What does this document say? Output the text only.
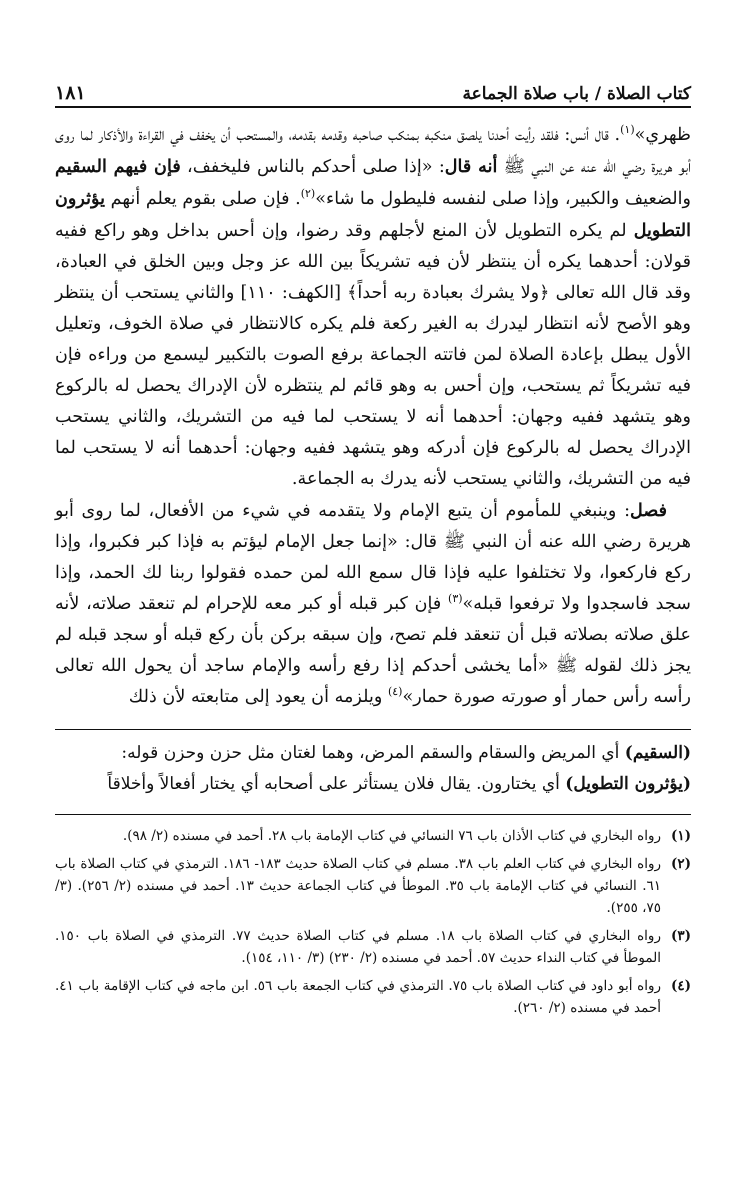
كتاب الصلاة / باب صلاة الجماعة
١٨١

ظهري»$^{(١)}$. قال أنس: فلقد رأيت أحدنا يلصق منكبه بمنكب صاحبه وقدمه بقدمه، والمستحب أن يخفف في القراءة والأذكار لما روى أبو هريرة رضي الله عنه عن النبي ﷺ أنه قال: «إذا صلى أحدكم بالناس فليخفف، فإن فيهم السقيم والضعيف والكبير، وإذا صلى لنفسه فليطول ما شاء»$^{(٢)}$. فإن صلى بقوم يعلم أنهم يؤثرون التطويل لم يكره التطويل لأن المنع لأجلهم وقد رضوا، وإن أحس بداخل وهو راكع ففيه قولان: أحدهما يكره أن ينتظر لأن فيه تشريكاً بين الله عز وجل وبين الخلق في العبادة، وقد قال الله تعالى ﴿ولا يشرك بعبادة ربه أحداً﴾ [الكهف: ١١٠] والثاني يستحب أن ينتظر وهو الأصح لأنه انتظار ليدرك به الغير ركعة فلم يكره كالانتظار في صلاة الخوف، وتعليل الأول يبطل بإعادة الصلاة لمن فاتته الجماعة برفع الصوت بالتكبير ليسمع من وراءه فإن فيه تشريكاً ثم يستحب، وإن أحس به وهو قائم لم ينتظره لأن الإدراك يحصل له بالركوع وهو يتشهد ففيه وجهان: أحدهما أنه لا يستحب لما فيه من التشريك، والثاني يستحب الإدراك يحصل له بالركوع فإن أدركه وهو يتشهد ففيه وجهان: أحدهما أنه لا يستحب لما فيه من التشريك، والثاني يستحب لأنه يدرك به الجماعة.

فصل: وينبغي للمأموم أن يتبع الإمام ولا يتقدمه في شيء من الأفعال، لما روى أبو هريرة رضي الله عنه أن النبي ﷺ قال: «إنما جعل الإمام ليؤتم به فإذا كبر فكبروا، وإذا ركع فاركعوا، ولا تختلفوا عليه فإذا قال سمع الله لمن حمده فقولوا ربنا لك الحمد، وإذا سجد فاسجدوا ولا ترفعوا قبله»$^{(٣)}$ فإن كبر قبله أو كبر معه للإحرام لم تنعقد صلاته، لأنه علق صلاته بصلاته قبل أن تنعقد فلم تصح، وإن سبقه بركن بأن ركع قبله أو سجد قبله لم يجز ذلك لقوله ﷺ «أما يخشى أحدكم إذا رفع رأسه والإمام ساجد أن يحول الله تعالى رأسه رأس حمار أو صورته صورة حمار»$^{(٤)}$ ويلزمه أن يعود إلى متابعته لأن ذلك

(السقيم) أي المريض والسقام والسقم المرض، وهما لغتان مثل حزن وحزن قوله:

(يؤثرون التطويل) أي يختارون. يقال فلان يستأثر على أصحابه أي يختار أفعالاً وأخلاقاً

(١)
رواه البخاري في كتاب الأذان باب ٧٦ النسائي في كتاب الإمامة باب ٢٨. أحمد في مسنده (٢/ ٩٨).
(٢)
رواه البخاري في كتاب العلم باب ٣٨. مسلم في كتاب الصلاة حديث ١٨٣- ١٨٦. الترمذي في كتاب الصلاة باب ٦١. النسائي في كتاب الإمامة باب ٣٥. الموطأ في كتاب الجماعة حديث ١٣. أحمد في مسنده (٢/ ٢٥٦). (٣/ ٧٥، ٢٥٥).
(٣)
رواه البخاري في كتاب الصلاة باب ١٨. مسلم في كتاب الصلاة حديث ٧٧. الترمذي في الصلاة باب ١٥٠. الموطأ في كتاب النداء حديث ٥٧. أحمد في مسنده (٢/ ٢٣٠) (٣/ ١١٠، ١٥٤).
(٤)
رواه أبو داود في كتاب الصلاة باب ٧٥. الترمذي في كتاب الجمعة باب ٥٦. ابن ماجه في كتاب الإقامة باب ٤١. أحمد في مسنده (٢/ ٢٦٠).
